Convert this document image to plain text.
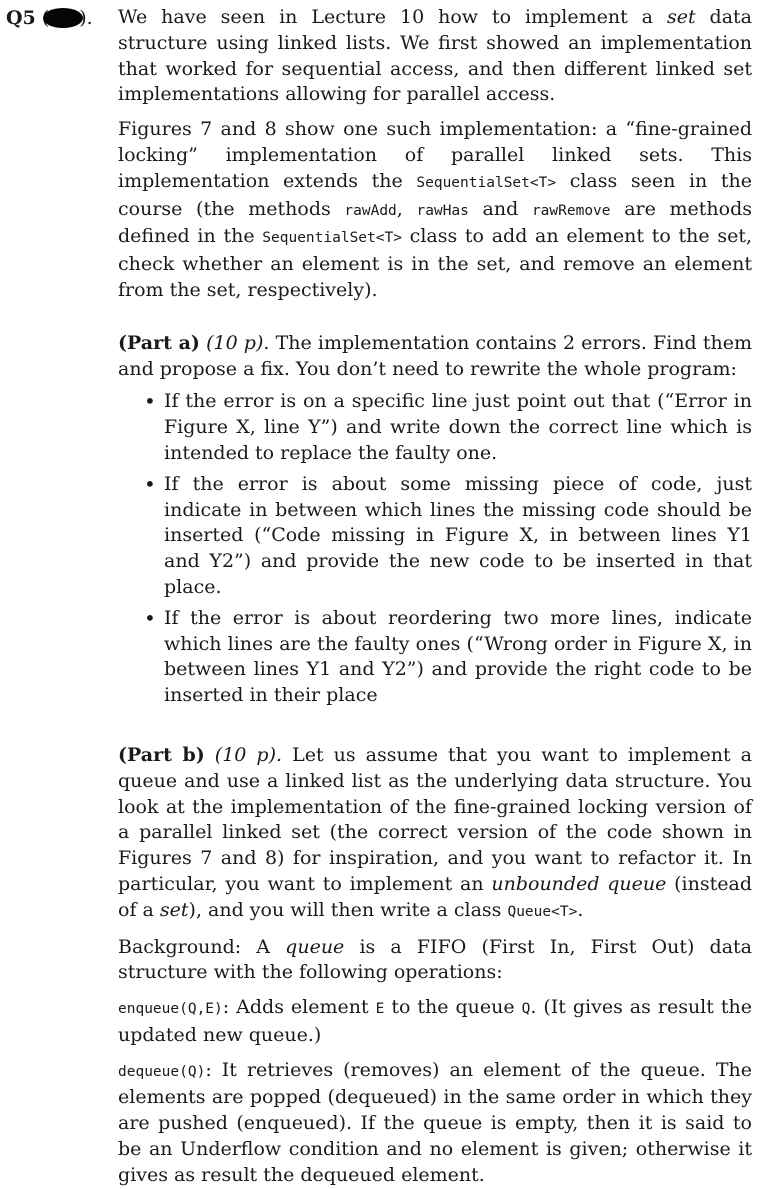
Q5 ). We have seen in Lecture 10 how to implement a set data structure using linked lists. We first showed an implementation that worked for sequential access, and then different linked set implementations allowing for parallel access.

Figures 7 and 8 show one such implementation: a “fine-grained locking” implementation of parallel linked sets. This implementation extends the SequentialSet<T> class seen in the course (the methods rawAdd, rawHas and rawRemove are methods defined in the SequentialSet<T> class to add an element to the set, check whether an element is in the set, and remove an element from the set, respectively).

(Part a) (10 p). The implementation contains 2 errors. Find them and propose a fix. You don’t need to rewrite the whole program:

• If the error is on a specific line just point out that (“Error in Figure X, line Y”) and write down the correct line which is intended to replace the faulty one.
• If the error is about some missing piece of code, just indicate in between which lines the missing code should be inserted (“Code missing in Figure X, in between lines Y1 and Y2”) and provide the new code to be inserted in that place.
• If the error is about reordering two more lines, indicate which lines are the faulty ones (“Wrong order in Figure X, in between lines Y1 and Y2”) and provide the right code to be inserted in their place

(Part b) (10 p). Let us assume that you want to implement a queue and use a linked list as the underlying data structure. You look at the implementation of the fine-grained locking version of a parallel linked set (the correct version of the code shown in Figures 7 and 8) for inspiration, and you want to refactor it. In particular, you want to implement an unbounded queue (instead of a set), and you will then write a class Queue<T>.

Background: A queue is a FIFO (First In, First Out) data structure with the following operations:

enqueue(Q,E): Adds element E to the queue Q. (It gives as result the updated new queue.)

dequeue(Q): It retrieves (removes) an element of the queue. The elements are popped (dequeued) in the same order in which they are pushed (enqueued). If the queue is empty, then it is said to be an Underflow condition and no element is given; otherwise it gives as result the dequeued element.
